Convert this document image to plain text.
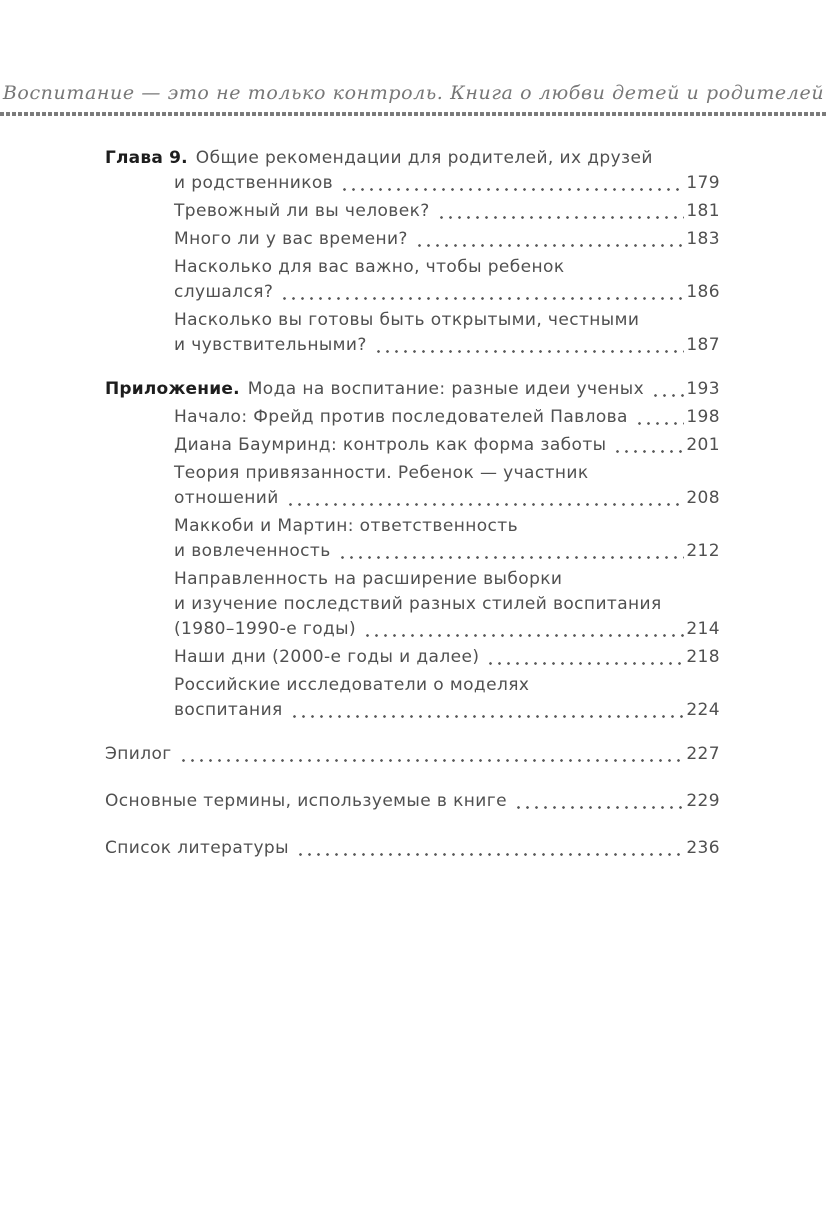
Воспитание — это не только контроль. Книга о любви детей и родителей
Глава 9. Общие рекомендации для родителей, их друзей
и родственников	179
Тревожный ли вы человек?	181
Много ли у вас времени?	183
Насколько для вас важно, чтобы ребенок
слушался?	186
Насколько вы готовы быть открытыми, честными
и чувствительными?	187
Приложение. Мода на воспитание: разные идеи ученых 193
Начало: Фрейд против последователей Павлова	198
Диана Баумринд: контроль как форма заботы	201
Теория привязанности. Ребенок — участник
отношений	208
Маккоби и Мартин: ответственность
и вовлеченность	212
Направленность на расширение выборки
и изучение последствий разных стилей воспитания
(1980–1990-е годы)	214
Наши дни (2000-е годы и далее)	218
Российские исследователи о моделях
воспитания	224
Эпилог	227
Основные термины, используемые в книге	229
Список литературы	236
